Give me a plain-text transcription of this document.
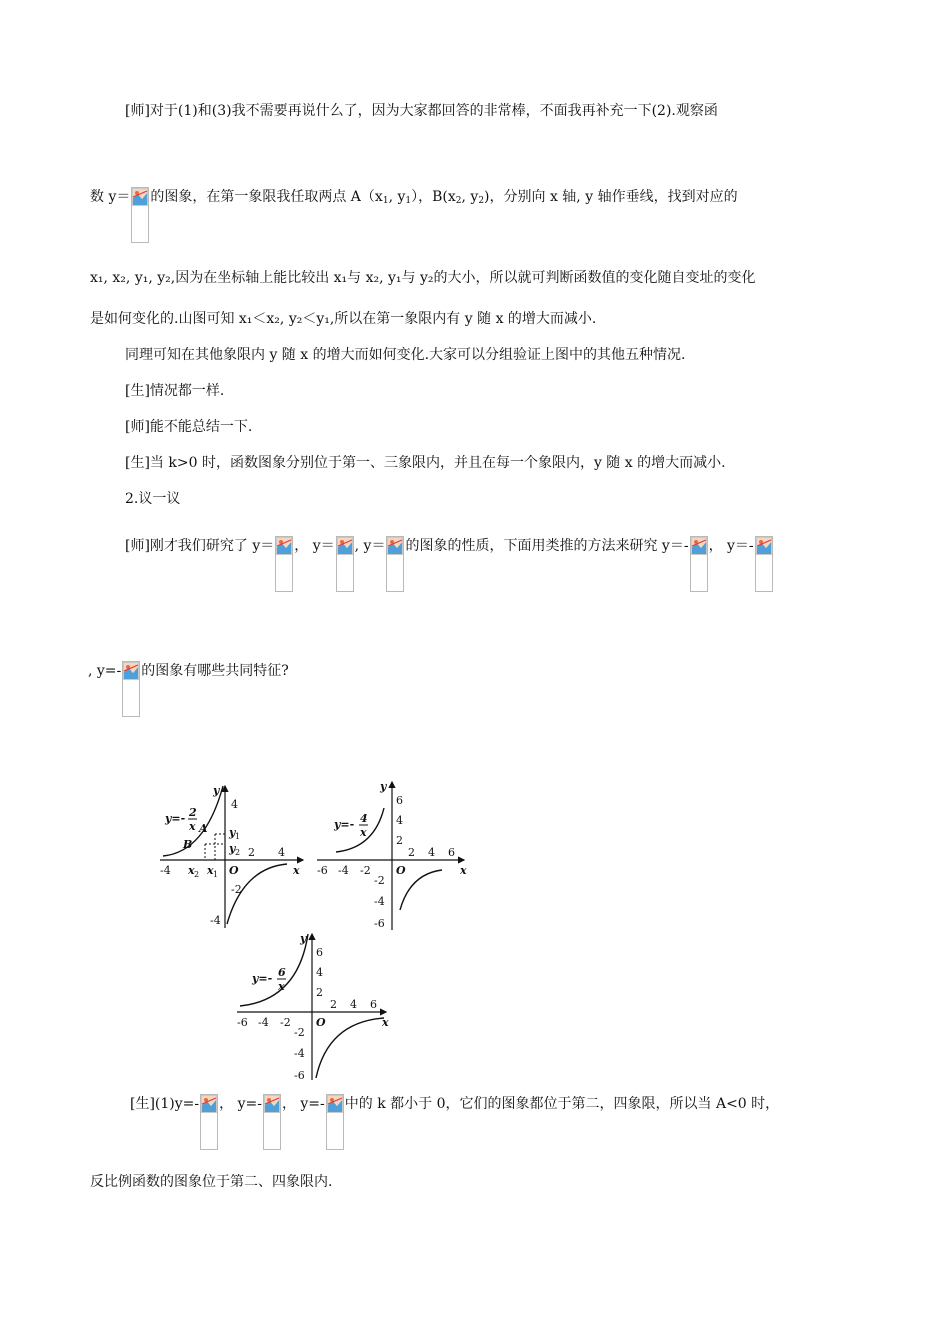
[师]对于(1)和(3)我不需要再说什么了，因为大家都回答的非常棒，不面我再补充一下(2).观察函
数 y＝ 的图象，在第一象限我任取两点 $A(x_1$, $y_1$），$B(x_2$, $y_2$)，分别向 x 轴, y 轴作垂线，找到对应的
x₁, x₂, y₁, y₂,因为在坐标轴上能比较出 x₁与 x₂, y₁与 y₂的大小，所以就可判断函数值的变化随自变址的变化
是如何变化的.山图可知 x₁＜x₂, y₂＜y₁,所以在第一象限内有 y 随 x 的增大而减小.
同理可知在其他象限内 y 随 x 的增大而如何变化.大家可以分组验证上图中的其他五种情况.
[生]情况都一样.
[师]能不能总结一下.
[生]当 k>0 时，函数图象分别位于第一、三象限内，并且在每一个象限内，y 随 x 的增大而减小.
2.议一议
[师]刚才我们研究了 y＝ ， y＝ , y＝ 的图象的性质，下面用类推的方法来研究 y＝- ， y＝-
, y=- 的图象有哪些共同特征?
y=- 2
x A
B
y 1
y 2
x 2 x 1
-4
2 4
4
-2
-4
O	x
y
y=- 4
x
-6 -4 -2
2 4 6
6
4
2
-2
-4
-6
O	x
y
y=- 6
x
-6 -4 -2
2 4 6
6
4
2
-2
-4
-6
O	x
y
[生](1)y=- ， y=- ， y=- 中的 k 都小于 0，它们的图象都位于第二，四象限，所以当 A<0 时，
反比例函数的图象位于第二、四象限内.
